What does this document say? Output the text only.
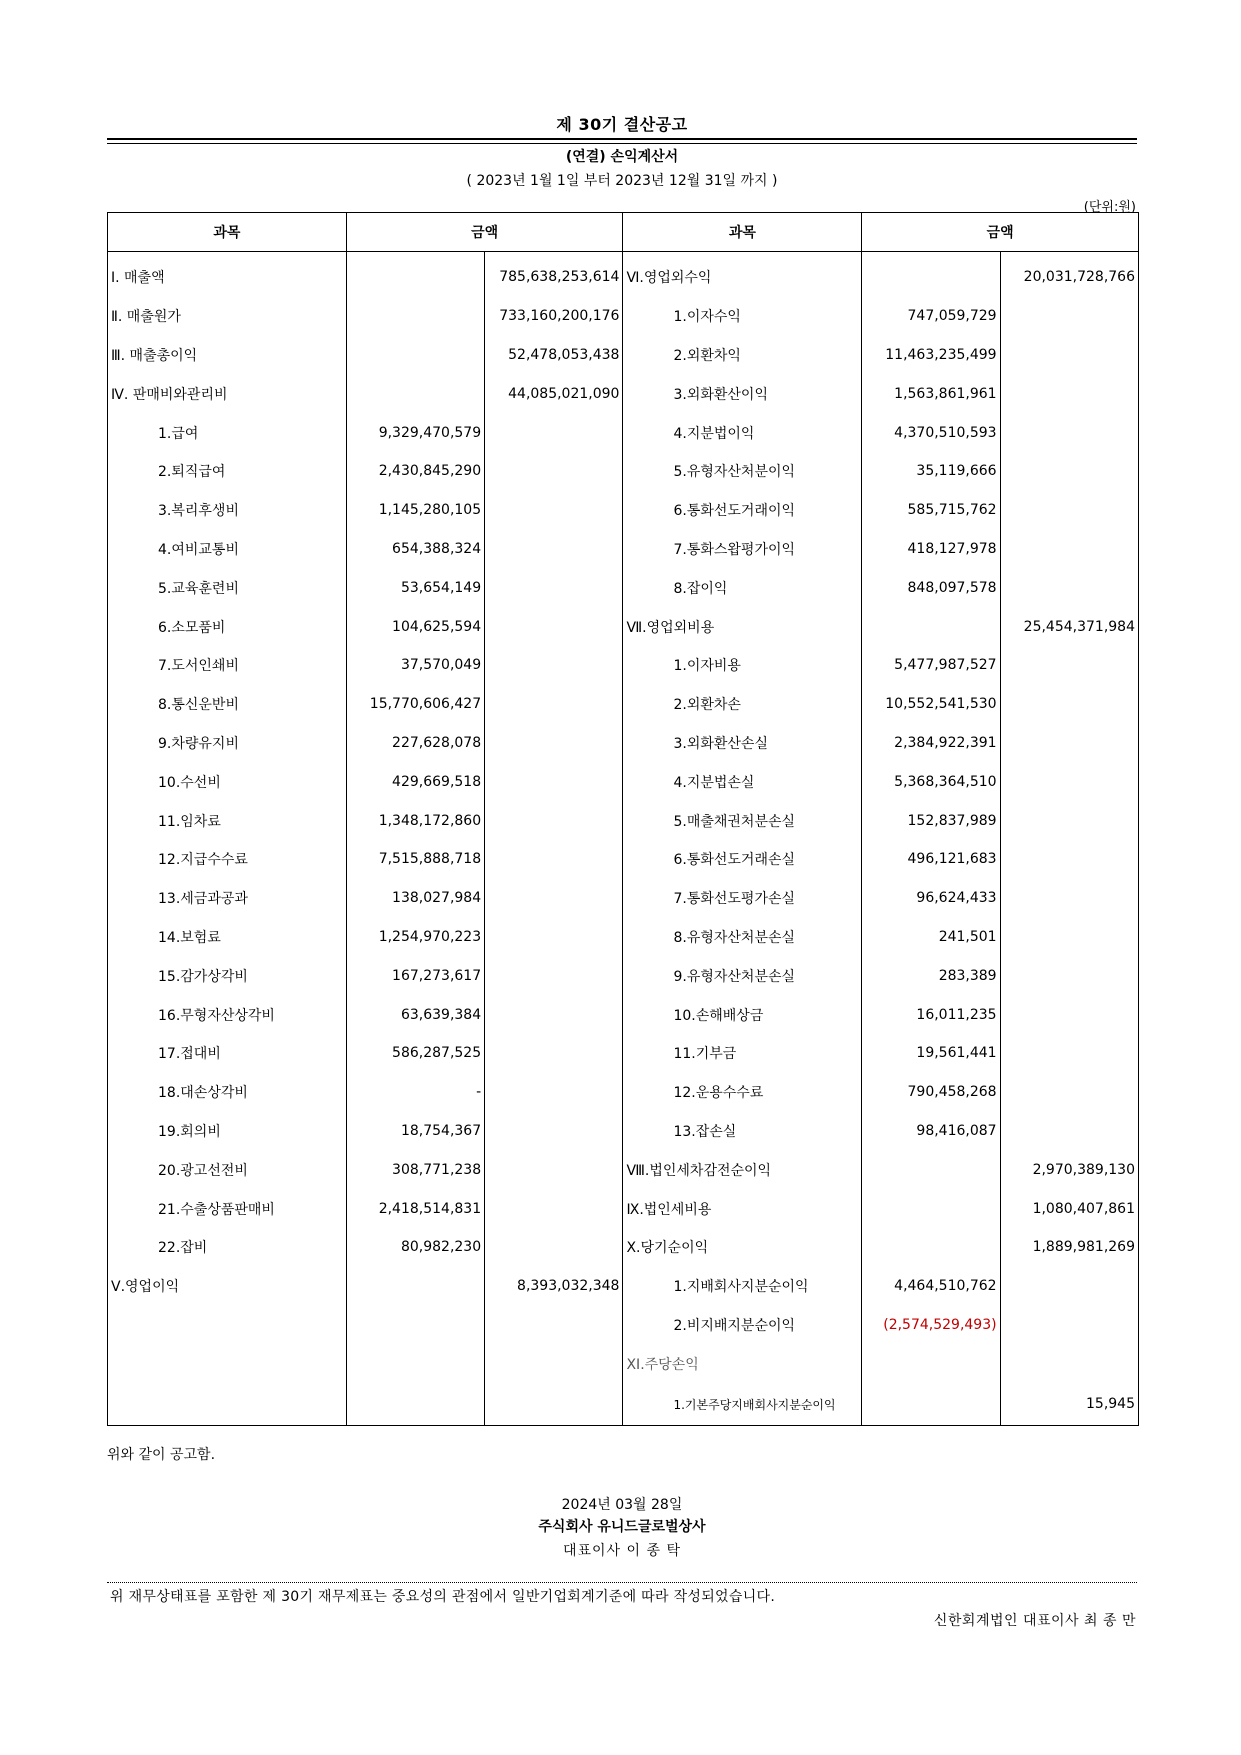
제 30기 결산공고
(연결) 손익계산서
( 2023년 1월 1일 부터 2023년 12월 31일 까지 )
(단위:원)
과목	금액		과목	금액	
Ⅰ. 매출액		785,638,253,614	Ⅵ.영업외수익		20,031,728,766
Ⅱ. 매출원가		733,160,200,176	1.이자수익	747,059,729	
Ⅲ. 매출총이익		52,478,053,438	2.외환차익	11,463,235,499	
Ⅳ. 판매비와관리비		44,085,021,090	3.외화환산이익	1,563,861,961	
1.급여	9,329,470,579		4.지분법이익	4,370,510,593	
2.퇴직급여	2,430,845,290		5.유형자산처분이익	35,119,666	
3.복리후생비	1,145,280,105		6.통화선도거래이익	585,715,762	
4.여비교통비	654,388,324		7.통화스왑평가이익	418,127,978	
5.교육훈련비	53,654,149		8.잡이익	848,097,578	
6.소모품비	104,625,594		Ⅶ.영업외비용		25,454,371,984
7.도서인쇄비	37,570,049		1.이자비용	5,477,987,527	
8.통신운반비	15,770,606,427		2.외환차손	10,552,541,530	
9.차량유지비	227,628,078		3.외화환산손실	2,384,922,391	
10.수선비	429,669,518		4.지분법손실	5,368,364,510	
11.임차료	1,348,172,860		5.매출채권처분손실	152,837,989	
12.지급수수료	7,515,888,718		6.통화선도거래손실	496,121,683	
13.세금과공과	138,027,984		7.통화선도평가손실	96,624,433	
14.보험료	1,254,970,223		8.유형자산처분손실	241,501	
15.감가상각비	167,273,617		9.유형자산처분손실	283,389	
16.무형자산상각비	63,639,384		10.손해배상금	16,011,235	
17.접대비	586,287,525		11.기부금	19,561,441	
18.대손상각비	-		12.운용수수료	790,458,268	
19.회의비	18,754,367		13.잡손실	98,416,087	
20.광고선전비	308,771,238		Ⅷ.법인세차감전순이익		2,970,389,130
21.수출상품판매비	2,418,514,831		Ⅸ.법인세비용		1,080,407,861
22.잡비	80,982,230		Ⅹ.당기순이익		1,889,981,269
Ⅴ.영업이익		8,393,032,348	1.지배회사지분순이익	4,464,510,762	
			2.비지배지분순이익	(2,574,529,493)	
			XI.주당손익		
			1.기본주당지배회사지분순이익		15,945
위와 같이 공고함.
2024년 03월 28일
주식회사 유니드글로벌상사
대표이사 이 종 탁
위 재무상태표를 포함한 제 30기 재무제표는 중요성의 관점에서 일반기업회계기준에 따라 작성되었습니다.
신한회계법인 대표이사 최 종 만
